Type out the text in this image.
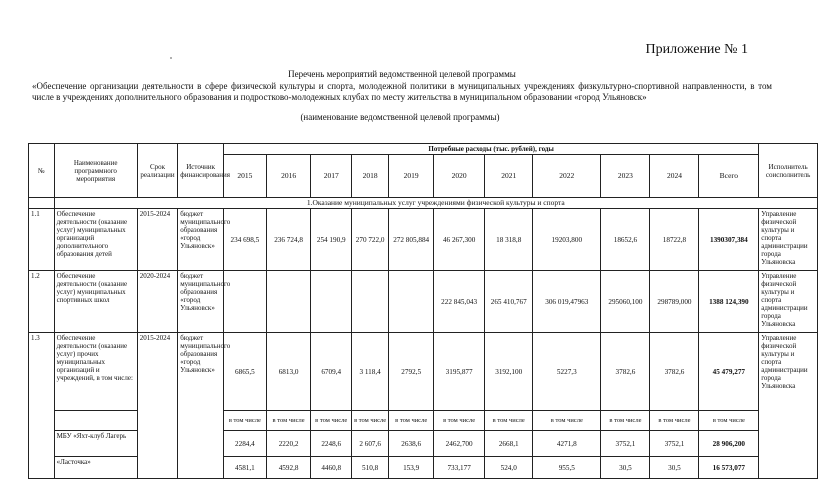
Приложение № 1
Перечень мероприятий ведомственной целевой программы
«Обеспечение организации деятельности в сфере физической культуры и спорта, молодежной политики в муниципальных учреждениях физкультурно-спортивной направленности, в том числе в учреждениях дополнительного образования и подростково-молодежных клубах по месту жительства в муниципальном образовании «город Ульяновск»
(наименование ведомственной целевой программы)
№	Наименование программного мероприятия	Срок реализации	Источник финансирования	Потребные расходы (тыс. рублей), годы											Исполнитель соисполнитель
				2015	2016	2017	2018	2019	2020	2021	2022	2023	2024	Всего	
	1.Оказание муниципальных услуг учреждениями физической культуры и спорта														
1.1	Обеспечение деятельности (оказание услуг) муниципальных организаций дополнительного образования детей	2015-2024	бюджет муниципального образования «город Ульяновск»	234 698,5	236 724,8	254 190,9	270 722,0	272 805,884	46 267,300	18 318,8	19203,800	18652,6	18722,8	1390307,384	Управление физической культуры и спорта администрации города Ульяновска
1.2	Обеспечение деятельности (оказание услуг) муниципальных спортивных школ	2020-2024	бюджет муниципального образования «город Ульяновск»						222 845,043	265 410,767	306 019,47963	295060,100	298789,000	1388 124,390	Управление физической культуры и спорта администрации города Ульяновска
1.3	Обеспечение деятельности (оказание услуг) прочих муниципальных организаций и учреждений, в том числе:	2015-2024	бюджет муниципального образования «город Ульяновск»	6865,5	6813,0	6709,4	3 118,4	2792,5	3195,877	3192,100	5227,3	3782,6	3782,6	45 479,277	Управление физической культуры и спорта администрации города Ульяновска
				в том числе	в том числе	в том числе	в том числе	в том числе	в том числе	в том числе	в том числе	в том числе	в том числе	в том числе	
	МБУ «Яхт-клуб Лагерь			2284,4	2220,2	2248,6	2 607,6	2638,6	2462,700	2668,1	4271,8	3752,1	3752,1	28 906,200	
	«Ласточка»			4581,1	4592,8	4460,8	510,8	153,9	733,177	524,0	955,5	30,5	30,5	16 573,077	
